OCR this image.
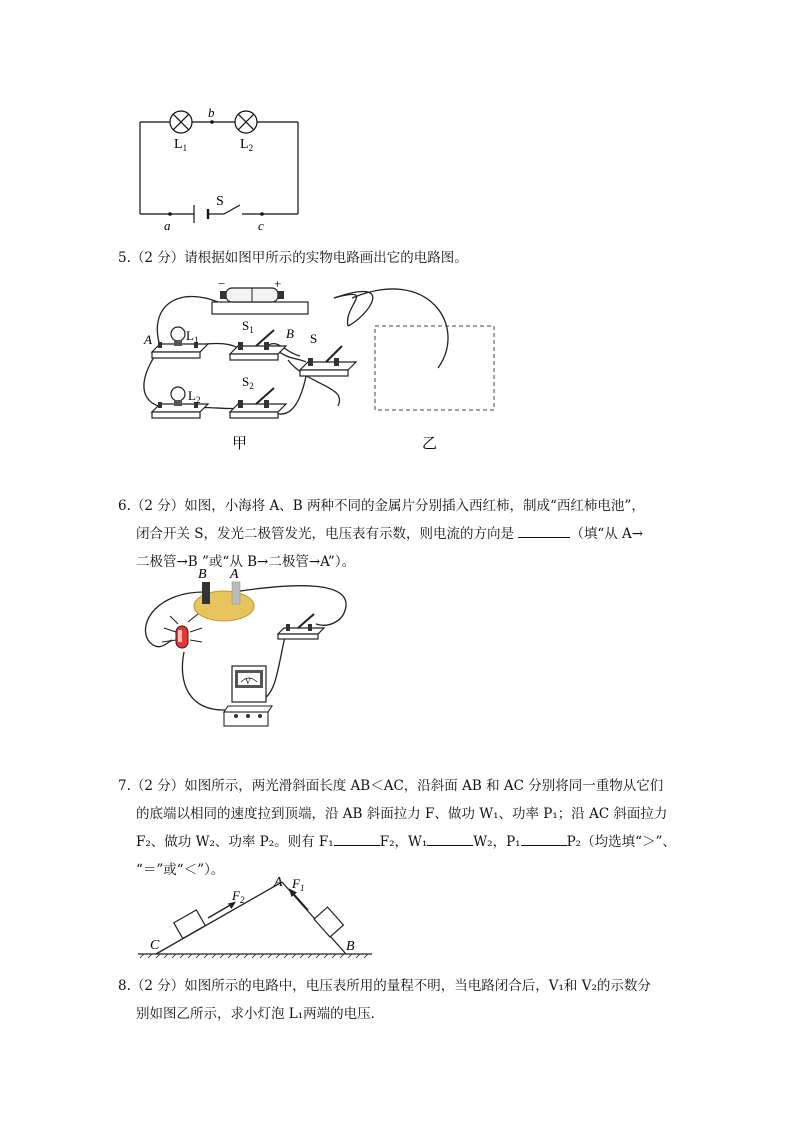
$L_1$	$L_2$
b
S
a	c
5.（2 分）请根据如图甲所示的实物电路画出它的电路图。
−	+
A	$L_1$
$S_1$ B S
$L_2$
$S_2$
甲	乙
6.（2 分）如图，小海将 A、B 两种不同的金属片分别插入西红柿，制成“西红柿电池”，
闭合开关 S，发光二极管发光，电压表有示数，则电流的方向是	（填“从 A→
二极管→B ”或“从 B→二极管→A”）。
B A
V
7.（2 分）如图所示，两光滑斜面长度 AB＜AC，沿斜面 AB 和 AC 分别将同一重物从它们
的底端以相同的速度拉到顶端，沿 AB 斜面拉力 F、做功 W₁、功率 P₁；沿 AC 斜面拉力
F₂、做功 W₂、功率 P₂。则有 F₁	F₂，W₁	W₂，P₁	P₂（均选填“＞”、
“＝”或“＜”）。
$F_2$
$F_1$
A
C	B
8.（2 分）如图所示的电路中，电压表所用的量程不明，当电路闭合后，V₁和 V₂的示数分
别如图乙所示，求小灯泡 L₁两端的电压．
